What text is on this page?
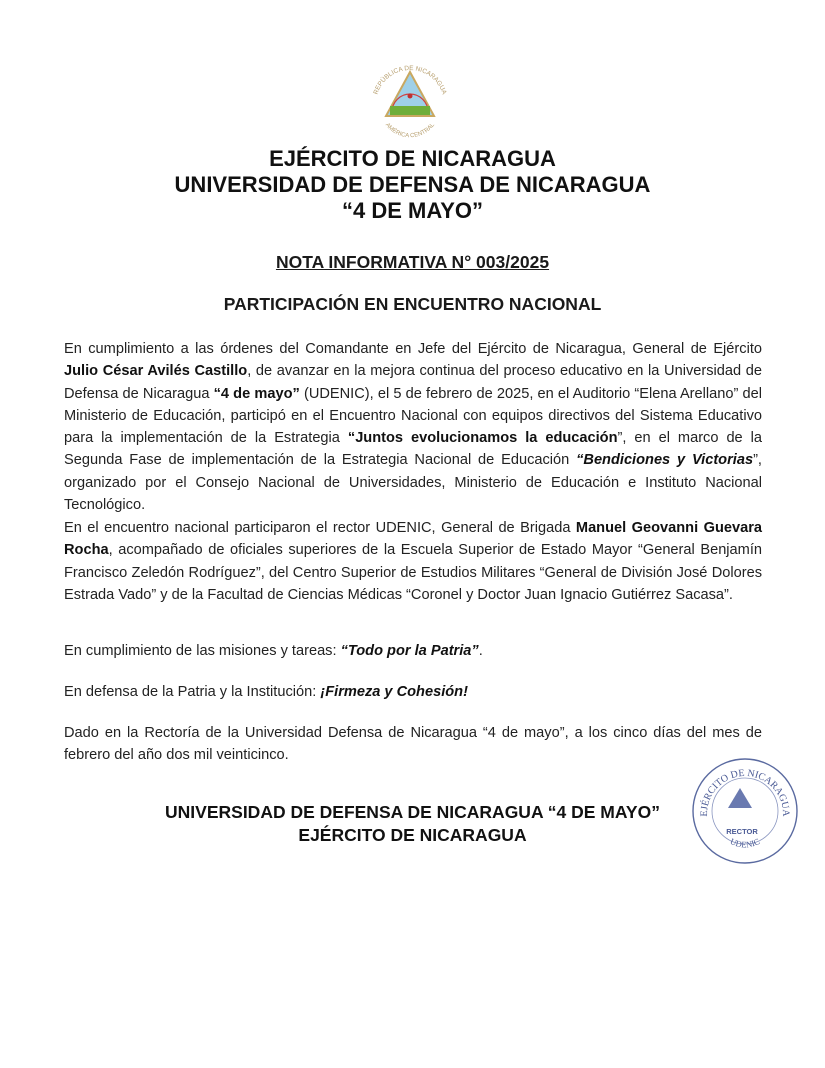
REPÚBLICA DE NICARAGUA
AMÉRICA CENTRAL
EJÉRCITO DE NICARAGUA
UNIVERSIDAD DE DEFENSA DE NICARAGUA
“4 DE MAYO”
NOTA INFORMATIVA N° 003/2025
PARTICIPACIÓN EN ENCUENTRO NACIONAL

En cumplimiento a las órdenes del Comandante en Jefe del Ejército de Nicaragua, General de Ejército Julio César Avilés Castillo, de avanzar en la mejora continua del proceso educativo en la Universidad de Defensa de Nicaragua “4 de mayo” (UDENIC), el 5 de febrero de 2025, en el Auditorio “Elena Arellano” del Ministerio de Educación, participó en el Encuentro Nacional con equipos directivos del Sistema Educativo para la implementación de la Estrategia “Juntos evolucionamos la educación”, en el marco de la Segunda Fase de implementación de la Estrategia Nacional de Educación “Bendiciones y Victorias”, organizado por el Consejo Nacional de Universidades, Ministerio de Educación e Instituto Nacional Tecnológico.

En el encuentro nacional participaron el rector UDENIC, General de Brigada Manuel Geovanni Guevara Rocha, acompañado de oficiales superiores de la Escuela Superior de Estado Mayor “General Benjamín Francisco Zeledón Rodríguez”, del Centro Superior de Estudios Militares “General de División José Dolores Estrada Vado” y de la Facultad de Ciencias Médicas “Coronel y Doctor Juan Ignacio Gutiérrez Sacasa”.

En cumplimiento de las misiones y tareas: “Todo por la Patria”.

En defensa de la Patria y la Institución: ¡Firmeza y Cohesión!

Dado en la Rectoría de la Universidad Defensa de Nicaragua “4 de mayo”, a los cinco días del mes de febrero del año dos mil veinticinco.

UNIVERSIDAD DE DEFENSA DE NICARAGUA “4 DE MAYO”
EJÉRCITO DE NICARAGUA
EJÉRCITO DE NICARAGUA
UDENIC
RECTOR
